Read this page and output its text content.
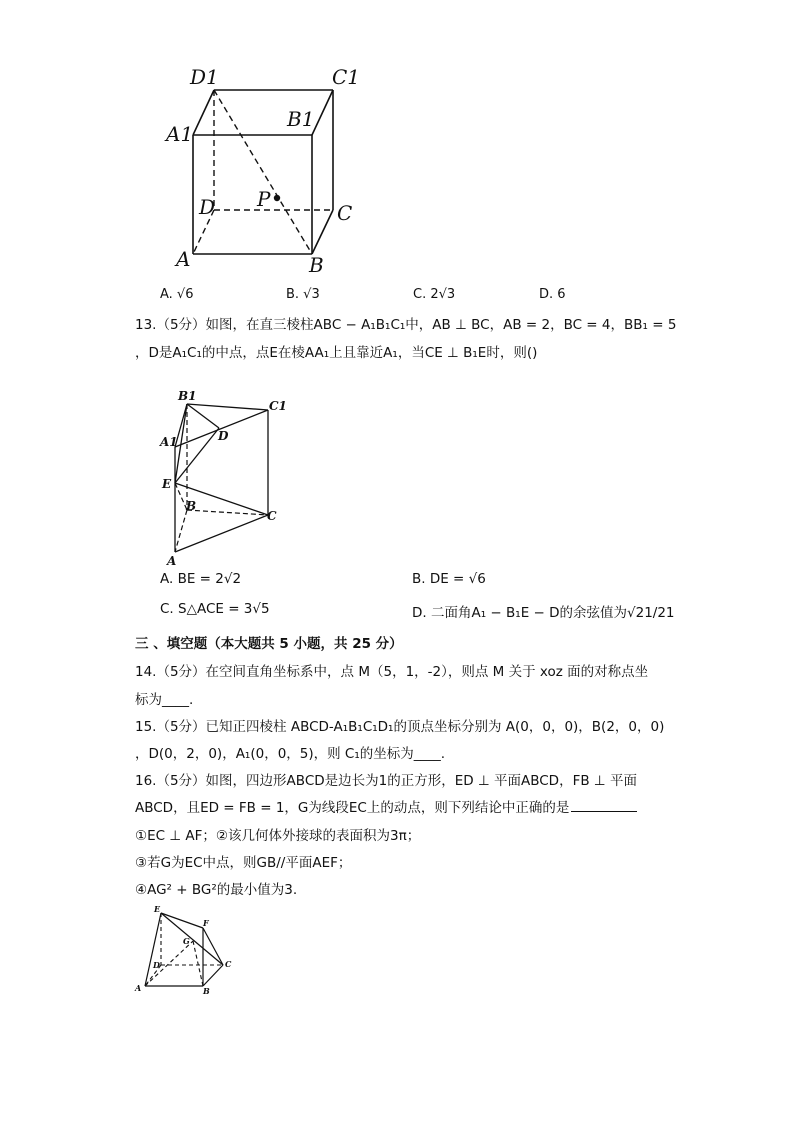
D1	C1
A1
B1
D P
C
A	B
A. √6	B. √3	C. 2√3	D. 6
13.（5分）如图，在直三棱柱ABC − A₁B₁C₁中，AB ⊥ BC，AB = 2，BC = 4，BB₁ = 5
，D是A₁C₁的中点，点E在棱AA₁上且靠近A₁，当CE ⊥ B₁E时，则()
B1
C1
A1	D
E
B
C
A
A. BE = 2√2	B. DE = √6
C. S△ACE = 3√5	D. 二面角A₁ − B₁E − D的余弦值为√21/21
三 、填空题（本大题共 5 小题，共 25 分）
14.（5分）在空间直角坐标系中，点 M（5，1，-2），则点 M 关于 xoz 面的对称点坐
标为____.
15.（5分）已知正四棱柱 ABCD-A₁B₁C₁D₁的顶点坐标分别为 A(0，0，0)，B(2，0，0)
，D(0，2，0)，A₁(0，0，5)，则 C₁的坐标为____.
16.（5分）如图，四边形ABCD是边长为1的正方形，ED ⊥ 平面ABCD，FB ⊥ 平面
ABCD，且ED = FB = 1，G为线段EC上的动点，则下列结论中正确的是
①EC ⊥ AF；②该几何体外接球的表面积为3π；
③若G为EC中点，则GB//平面AEF；
④AG² + BG²的最小值为3.
E
F
G
D	C
A	B
